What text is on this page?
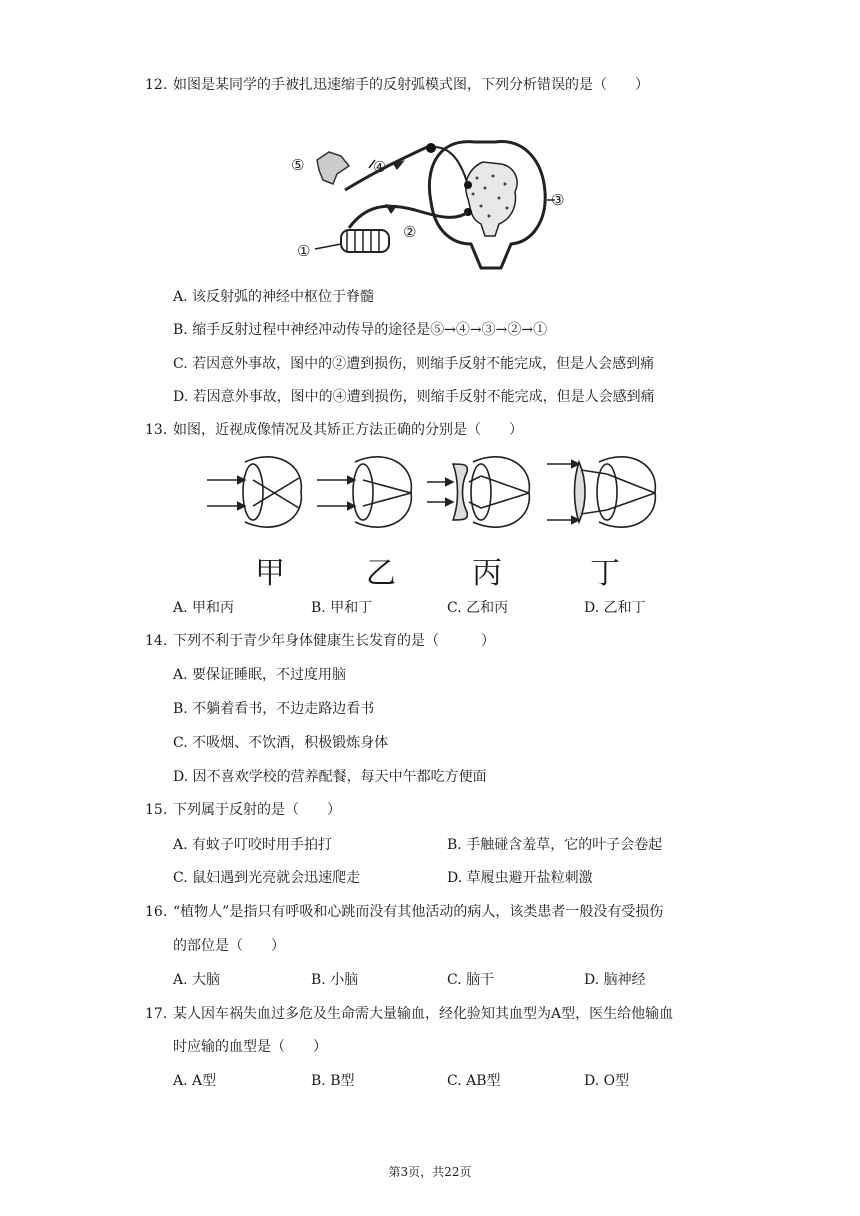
12. 如图是某同学的手被扎迅速缩手的反射弧模式图，下列分析错误的是（　　）
⑤	④
③
②
①
A. 该反射弧的神经中枢位于脊髓
B. 缩手反射过程中神经冲动传导的途径是⑤→④→③→②→①
C. 若因意外事故，图中的②遭到损伤，则缩手反射不能完成，但是人会感到痛
D. 若因意外事故，图中的④遭到损伤，则缩手反射不能完成，但是人会感到痛
13. 如图，近视成像情况及其矫正方法正确的分别是（　　）
甲	乙	丙	丁
A. 甲和丙	B. 甲和丁	C. 乙和丙	D. 乙和丁
14. 下列不利于青少年身体健康生长发育的是（　　　）
A. 要保证睡眠，不过度用脑
B. 不躺着看书，不边走路边看书
C. 不吸烟、不饮酒，积极锻炼身体
D. 因不喜欢学校的营养配餐，每天中午都吃方便面
15. 下列属于反射的是（　　）
A. 有蚊子叮咬时用手拍打	B. 手触碰含羞草，它的叶子会卷起
C. 鼠妇遇到光亮就会迅速爬走	D. 草履虫避开盐粒刺激
16. “植物人”是指只有呼吸和心跳而没有其他活动的病人，该类患者一般没有受损伤
的部位是（　　）
A. 大脑	B. 小脑	C. 脑干	D. 脑神经
17. 某人因车祸失血过多危及生命需大量输血，经化验知其血型为A型，医生给他输血
时应输的血型是（　　）
A. A型	B. B型	C. AB型	D. O型
第3页，共22页
